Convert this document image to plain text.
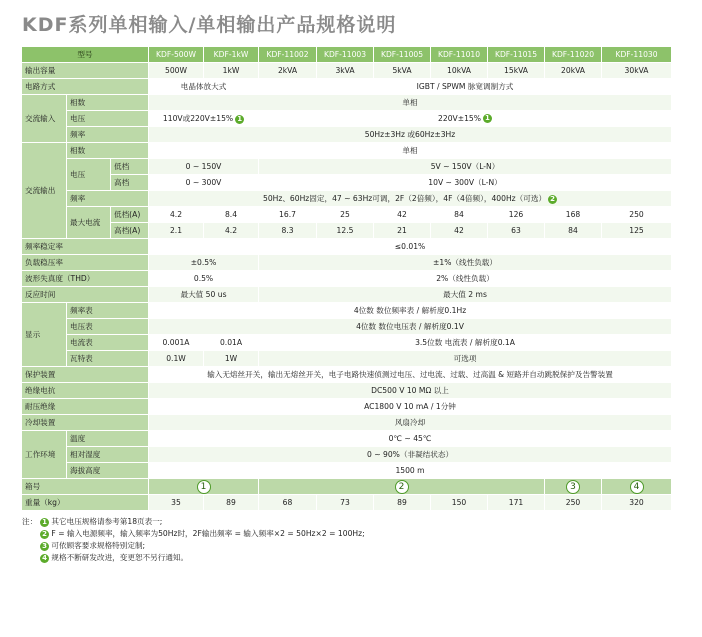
KDF系列单相输入/单相输出产品规格说明
型号			KDF-500W	KDF-1kW	KDF-11002	KDF-11003	KDF-11005	KDF-11010	KDF-11015	KDF-11020	KDF-11030
输出容量			500W	1kW	2kVA	3kVA	5kVA	10kVA	15kVA	20kVA	30kVA
电路方式			电晶体放大式		IGBT / SPWM 脉宽调制方式						
交流输入	相数		单相								
	电压		110V或220V±15% 1		220V±15% 1						
	频率		50Hz±3Hz 或60Hz±3Hz								
交流输出	相数		单相								
	电压	低档	0 ~ 150V		5V ~ 150V（L-N）						
		高档	0 ~ 300V		10V ~ 300V（L-N）						
	频率		50Hz、60Hz固定，47 ~ 63Hz可调，2F（2倍频），4F（4倍频），400Hz（可选） 2								
	最大电流	低档(A)	4.2	8.4	16.7	25	42	84	126	168	250
		高档(A)	2.1	4.2	8.3	12.5	21	42	63	84	125
频率稳定率			≤0.01%								
负载稳压率			±0.5%		±1%（线性负载）						
波形失真度（THD）			0.5%		2%（线性负载）						
反应时间			最大值 50 us		最大值 2 ms						
显示	频率表		4位数 数位频率表 / 解析度0.1Hz								
	电压表		4位数 数位电压表 / 解析度0.1V								
	电流表		0.001A	0.01A	3.5位数 电流表 / 解析度0.1A						
	瓦特表		0.1W	1W	可选项						
保护装置			输入无熔丝开关，输出无熔丝开关，电子电路快速侦测过电压、过电流、过载、过高温 & 短路并自动跳脱保护及告警装置								
绝缘电抗			DC500 V 10 MΩ 以上								
耐压绝缘			AC1800 V 10 mA / 1分钟								
冷却装置			风扇冷却								
工作环境	温度		0℃ ~ 45℃								
	相对湿度		0 ~ 90%（非凝结状态）								
	海拔高度		1500 m								
箱号			1		2					3	4
重量（kg）			35	89	68	73	89	150	171	250	320
注： 1 其它电压规格请参考第18页表一;
2 F = 输入电源频率，输入频率为50Hz时，2F输出频率 = 输入频率×2 = 50Hz×2 = 100Hz;
3 可依顾客要求规格特别定制;
4 规格不断研发改进，变更恕不另行通知。
